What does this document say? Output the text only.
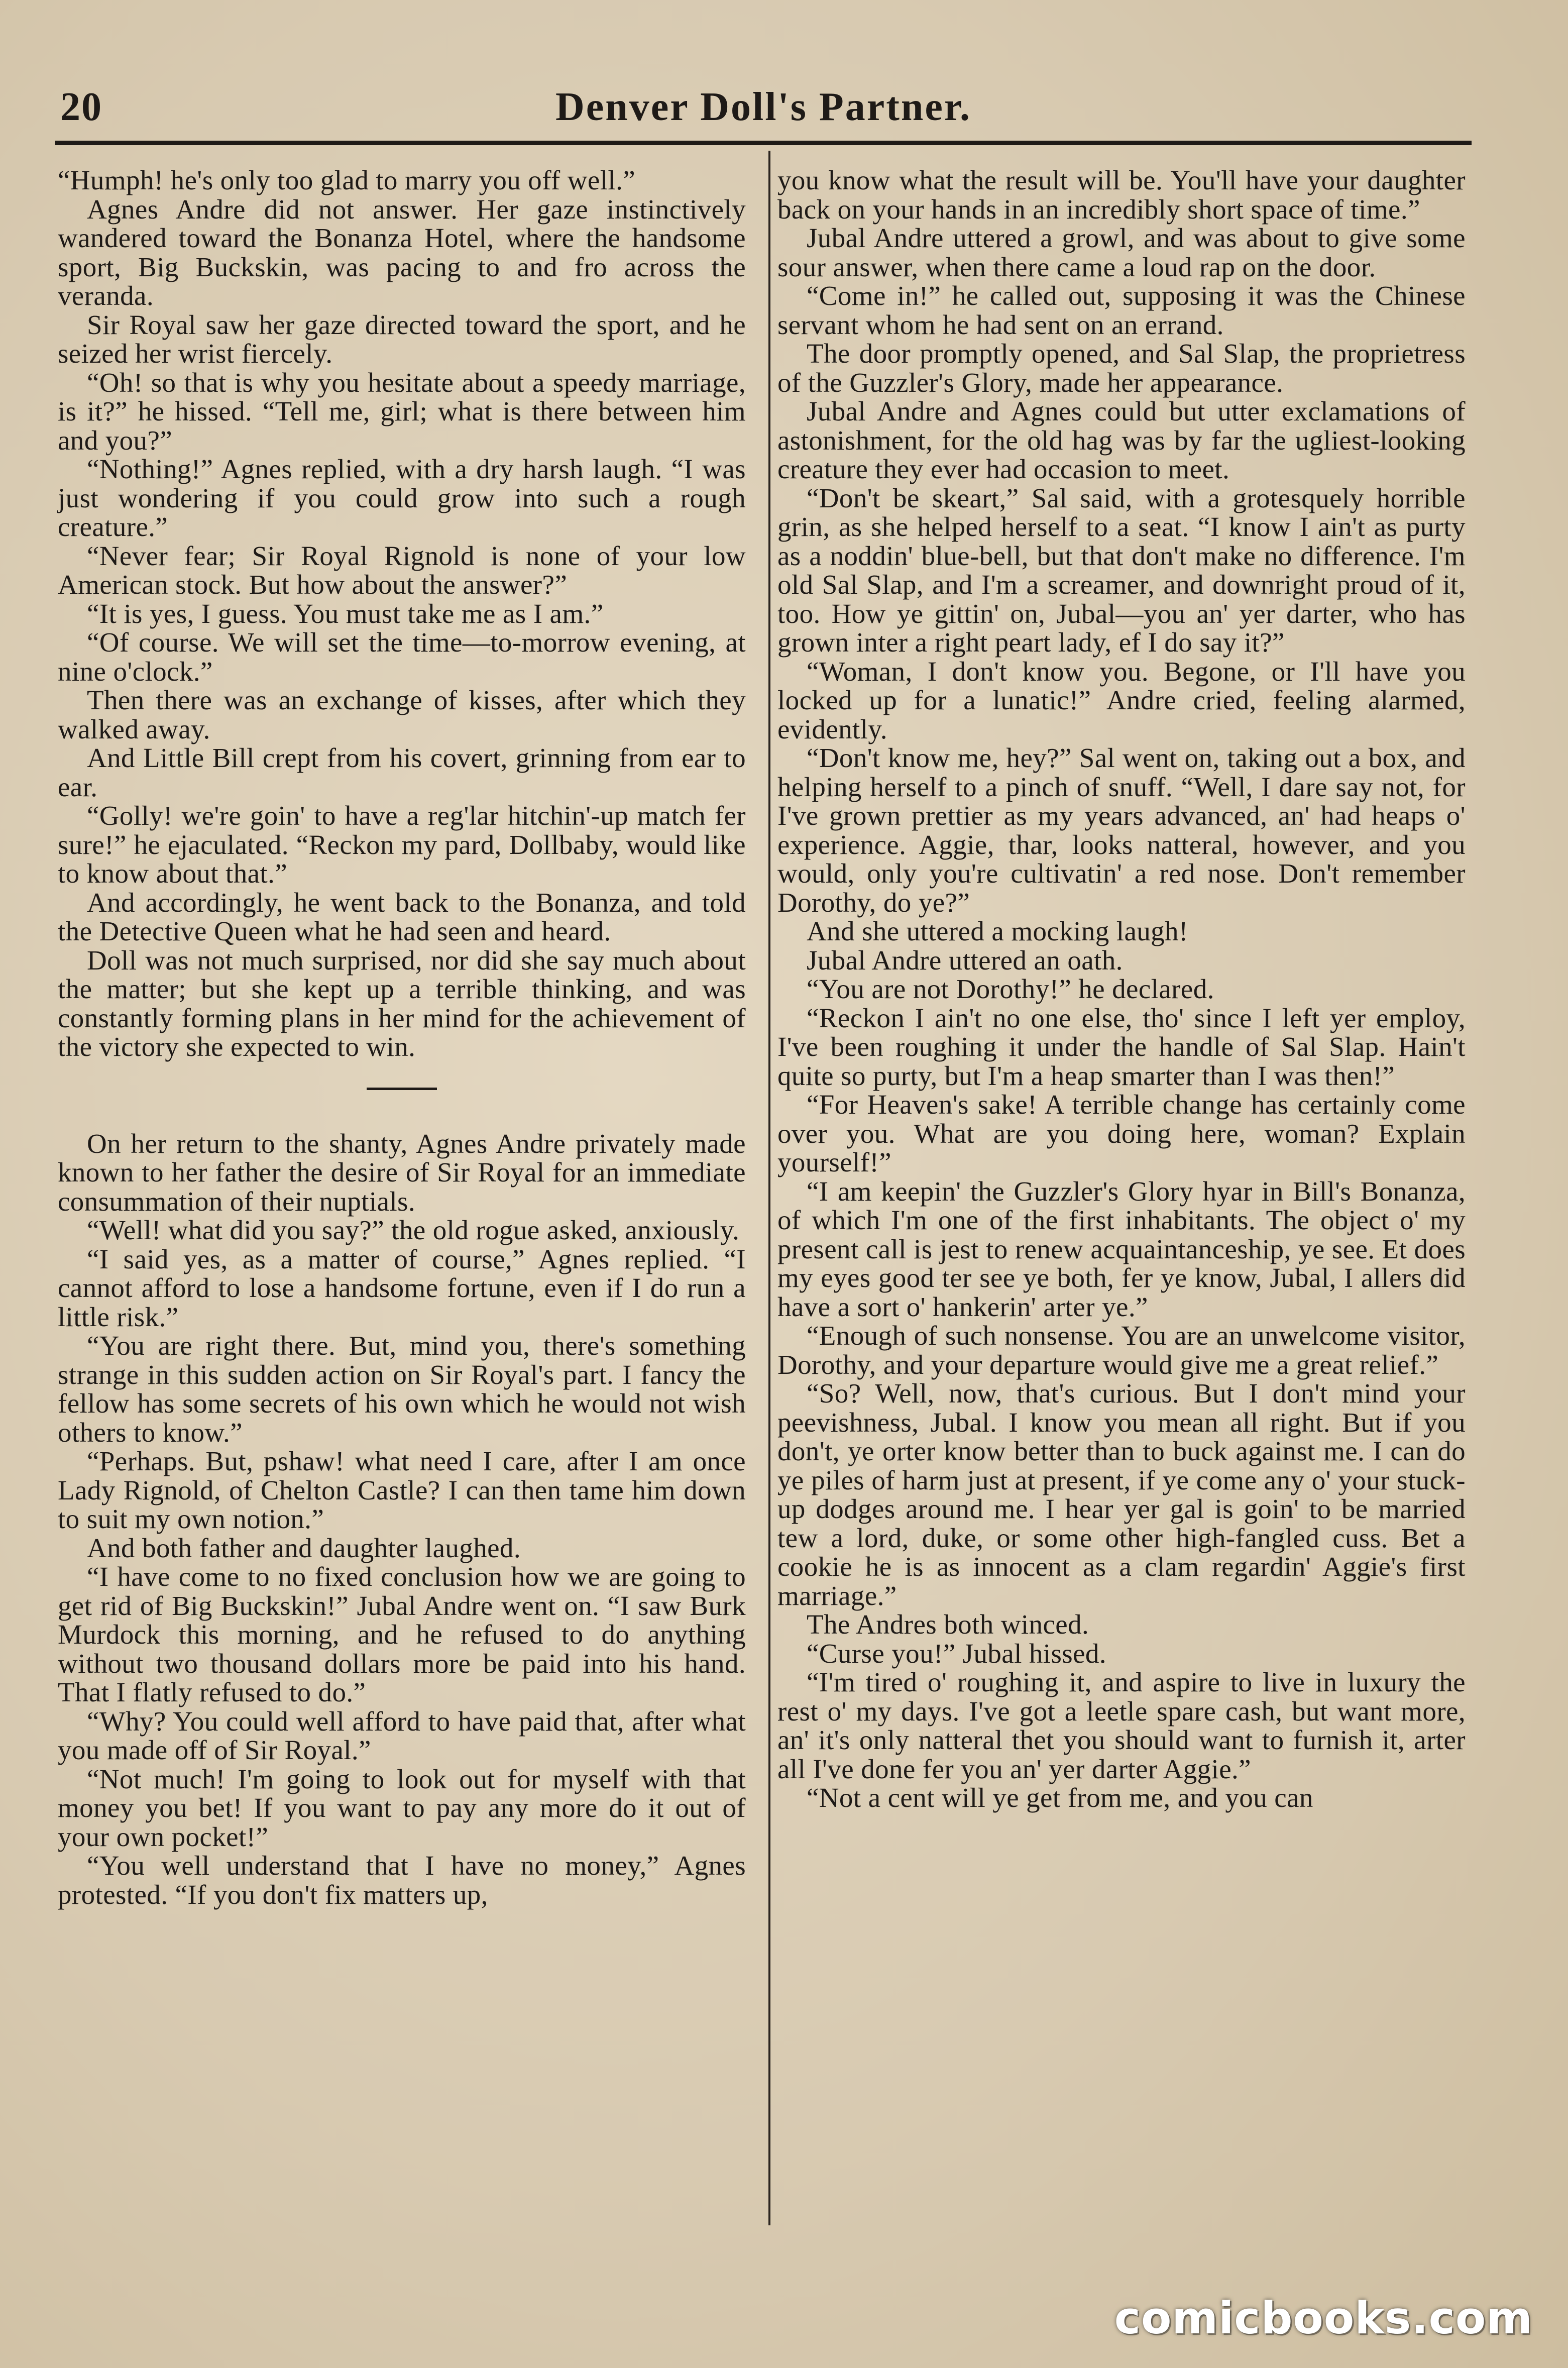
20	Denver Doll's Partner.

“Humph! he's only too glad to marry you off well.”

Agnes Andre did not answer. Her gaze instinctively wandered toward the Bonanza Hotel, where the handsome sport, Big Buckskin, was pacing to and fro across the veranda.

Sir Royal saw her gaze directed toward the sport, and he seized her wrist fiercely.

“Oh! so that is why you hesitate about a speedy marriage, is it?” he hissed. “Tell me, girl; what is there between him and you?”

“Nothing!” Agnes replied, with a dry harsh laugh. “I was just wondering if you could grow into such a rough creature.”

“Never fear; Sir Royal Rignold is none of your low American stock. But how about the answer?”

“It is yes, I guess. You must take me as I am.”

“Of course. We will set the time—to-morrow evening, at nine o'clock.”

Then there was an exchange of kisses, after which they walked away.

And Little Bill crept from his covert, grinning from ear to ear.

“Golly! we're goin' to have a reg'lar hitchin'-up match fer sure!” he ejaculated. “Reckon my pard, Dollbaby, would like to know about that.”

And accordingly, he went back to the Bonanza, and told the Detective Queen what he had seen and heard.

Doll was not much surprised, nor did she say much about the matter; but she kept up a terrible thinking, and was constantly forming plans in her mind for the achievement of the victory she expected to win.

On her return to the shanty, Agnes Andre privately made known to her father the desire of Sir Royal for an immediate consummation of their nuptials.

“Well! what did you say?” the old rogue asked, anxiously.

“I said yes, as a matter of course,” Agnes replied. “I cannot afford to lose a handsome fortune, even if I do run a little risk.”

“You are right there. But, mind you, there's something strange in this sudden action on Sir Royal's part. I fancy the fellow has some secrets of his own which he would not wish others to know.”

“Perhaps. But, pshaw! what need I care, after I am once Lady Rignold, of Chelton Castle? I can then tame him down to suit my own notion.”

And both father and daughter laughed.

“I have come to no fixed conclusion how we are going to get rid of Big Buckskin!” Jubal Andre went on. “I saw Burk Murdock this morning, and he refused to do anything without two thousand dollars more be paid into his hand. That I flatly refused to do.”

“Why? You could well afford to have paid that, after what you made off of Sir Royal.”

“Not much! I'm going to look out for myself with that money you bet! If you want to pay any more do it out of your own pocket!”

“You well understand that I have no money,” Agnes protested. “If you don't fix matters up,

you know what the result will be. You'll have your daughter back on your hands in an incredibly short space of time.”

Jubal Andre uttered a growl, and was about to give some sour answer, when there came a loud rap on the door.

“Come in!” he called out, supposing it was the Chinese servant whom he had sent on an errand.

The door promptly opened, and Sal Slap, the proprietress of the Guzzler's Glory, made her appearance.

Jubal Andre and Agnes could but utter exclamations of astonishment, for the old hag was by far the ugliest-looking creature they ever had occasion to meet.

“Don't be skeart,” Sal said, with a grotesquely horrible grin, as she helped herself to a seat. “I know I ain't as purty as a noddin' blue-bell, but that don't make no difference. I'm old Sal Slap, and I'm a screamer, and downright proud of it, too. How ye gittin' on, Jubal—you an' yer darter, who has grown inter a right peart lady, ef I do say it?”

“Woman, I don't know you. Begone, or I'll have you locked up for a lunatic!” Andre cried, feeling alarmed, evidently.

“Don't know me, hey?” Sal went on, taking out a box, and helping herself to a pinch of snuff. “Well, I dare say not, for I've grown prettier as my years advanced, an' had heaps o' experience. Aggie, thar, looks natteral, however, and you would, only you're cultivatin' a red nose. Don't remember Dorothy, do ye?”

And she uttered a mocking laugh!

Jubal Andre uttered an oath.

“You are not Dorothy!” he declared.

“Reckon I ain't no one else, tho' since I left yer employ, I've been roughing it under the handle of Sal Slap. Hain't quite so purty, but I'm a heap smarter than I was then!”

“For Heaven's sake! A terrible change has certainly come over you. What are you doing here, woman? Explain yourself!”

“I am keepin' the Guzzler's Glory hyar in Bill's Bonanza, of which I'm one of the first inhabitants. The object o' my present call is jest to renew acquaintanceship, ye see. Et does my eyes good ter see ye both, fer ye know, Jubal, I allers did have a sort o' hankerin' arter ye.”

“Enough of such nonsense. You are an unwelcome visitor, Dorothy, and your departure would give me a great relief.”

“So? Well, now, that's curious. But I don't mind your peevishness, Jubal. I know you mean all right. But if you don't, ye orter know better than to buck against me. I can do ye piles of harm just at present, if ye come any o' your stuck-up dodges around me. I hear yer gal is goin' to be married tew a lord, duke, or some other high-fangled cuss. Bet a cookie he is as innocent as a clam regardin' Aggie's first marriage.”

The Andres both winced.

“Curse you!” Jubal hissed.

“I'm tired o' roughing it, and aspire to live in luxury the rest o' my days. I've got a leetle spare cash, but want more, an' it's only natteral thet you should want to furnish it, arter all I've done fer you an' yer darter Aggie.”

“Not a cent will ye get from me, and you can

comicbooks.com
